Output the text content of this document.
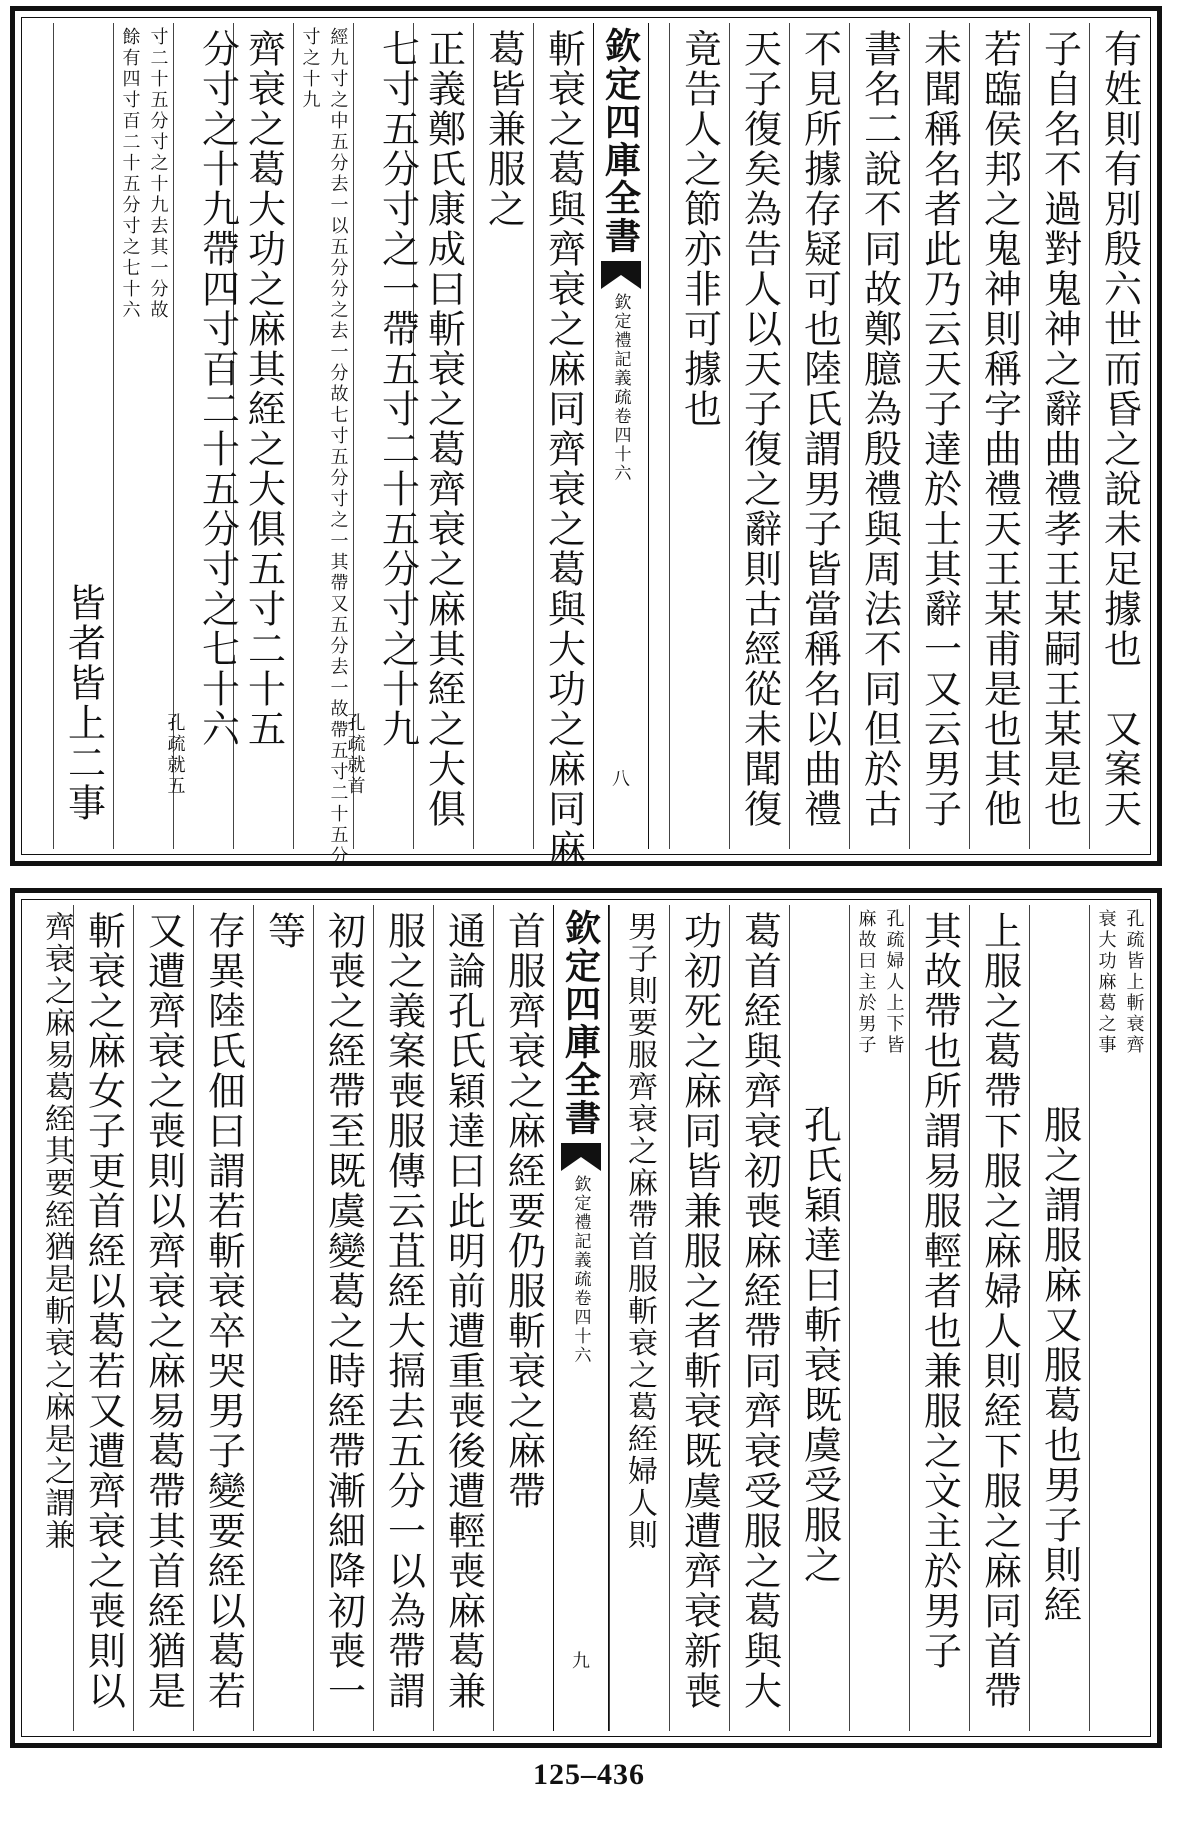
有姓則有別殷六世而昏之說未足據也　又案天
子自名不過對鬼神之辭曲禮孝王某嗣王某是也
若臨侯邦之鬼神則稱字曲禮天王某甫是也其他
未聞稱名者此乃云天子達於士其辭一又云男子
書名二說不同故鄭臆為殷禮與周法不同但於古
不見所據存疑可也陸氏謂男子皆當稱名以曲禮
天子復矣為告人以天子復之辭則古經從未聞復
竟告人之節亦非可據也
欽定四庫全書
欽定禮記義疏
卷四十六
八
斬衰之葛與齊衰之麻同齊衰之葛與大功之麻同麻
葛皆兼服之
正義鄭氏康成曰斬衰之葛齊衰之麻其絰之大俱
七寸五分寸之一帶五寸二十五分寸之十九
孔疏就首
經九寸之中五分去一以五分分之去一分故七寸五分寸之一其帶又五分去一故帶五寸二十五分
寸之十九
齊衰之葛大功之麻其絰之大俱五寸二十五
分寸之十九帶四寸百二十五分寸之七十六
孔疏就五
寸二十五分寸之十九去其一分故
餘有四寸百二十五分寸之七十六
皆者皆上二事
孔疏皆上斬衰齊
衰大功麻葛之事
服之謂服麻又服葛也男子則絰
上服之葛帶下服之麻婦人則絰下服之麻同首帶
其故帶也所謂易服輕者也兼服之文主於男子
孔疏婦人上下皆
麻故曰主於男子
孔氏穎達曰斬衰既虞受服之
葛首絰與齊衰初喪麻絰帶同齊衰受服之葛與大
功初死之麻同皆兼服之者斬衰既虞遭齊衰新喪
男子則要服齊衰之麻帶首服斬衰之葛絰婦人則
欽定四庫全書
欽定禮記義疏
卷四十六
九
首服齊衰之麻絰要仍服斬衰之麻帶
通論孔氏穎達曰此明前遭重喪後遭輕喪麻葛兼
服之義案喪服傳云苴絰大搹去五分一以為帶謂
初喪之絰帶至既虞變葛之時絰帶漸細降初喪一
等
存異陸氏佃曰謂若斬衰卒哭男子變要絰以葛若
又遭齊衰之喪則以齊衰之麻易葛帶其首絰猶是
斬衰之麻女子更首絰以葛若又遭齊衰之喪則以
齊衰之麻易葛絰其要絰猶是斬衰之麻是之謂兼
125–436
